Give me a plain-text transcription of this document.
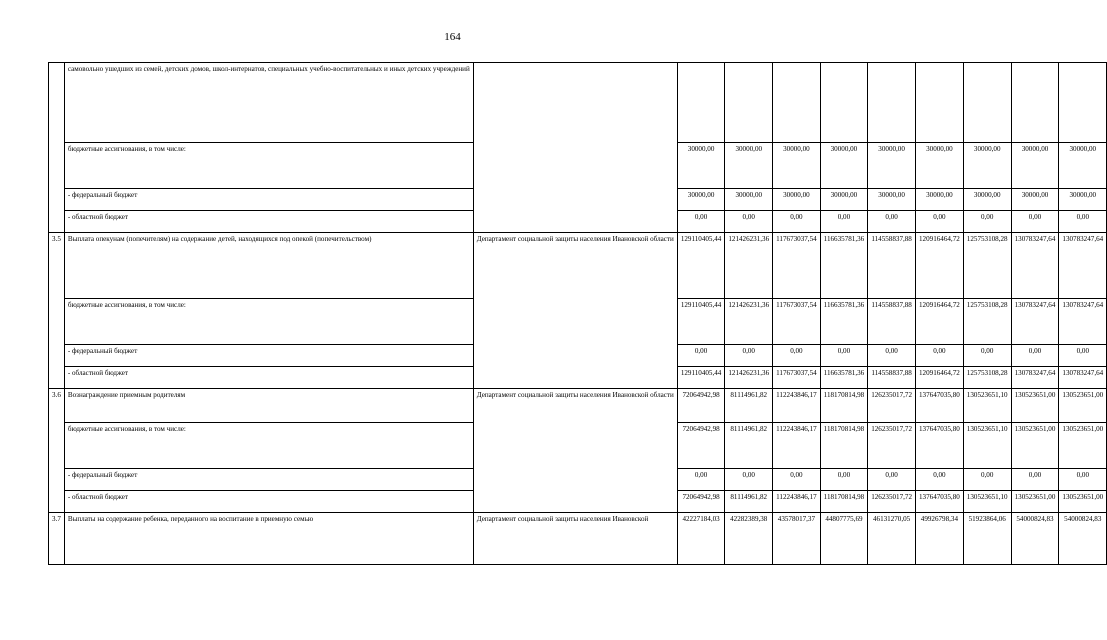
164
	самовольно ушедших из семей, детских домов, школ-интернатов, специальных учебно-воспитательных и иных детских учреждений										
	бюджетные ассигнования, в том числе:		30000,00	30000,00	30000,00	30000,00	30000,00	30000,00	30000,00	30000,00	30000,00
	- федеральный бюджет		30000,00	30000,00	30000,00	30000,00	30000,00	30000,00	30000,00	30000,00	30000,00
	- областной бюджет		0,00	0,00	0,00	0,00	0,00	0,00	0,00	0,00	0,00
3.5	Выплата опекунам (попечителям) на содержание детей, находящихся под опекой (попечительством)	Департамент социальной защиты населения Ивановской области	129110405,44	121426231,36	117673037,54	116635781,36	114558837,88	120916464,72	125753108,28	130783247,64	130783247,64
	бюджетные ассигнования, в том числе:		129110405,44	121426231,36	117673037,54	116635781,36	114558837,88	120916464,72	125753108,28	130783247,64	130783247,64
	- федеральный бюджет		0,00	0,00	0,00	0,00	0,00	0,00	0,00	0,00	0,00
	- областной бюджет		129110405,44	121426231,36	117673037,54	116635781,36	114558837,88	120916464,72	125753108,28	130783247,64	130783247,64
3.6	Вознаграждение приемным родителям	Департамент социальной защиты населения Ивановской области	72064942,98	81114961,82	112243846,17	118170814,98	126235017,72	137647035,80	130523651,10	130523651,00	130523651,00
	бюджетные ассигнования, в том числе:		72064942,98	81114961,82	112243846,17	118170814,98	126235017,72	137647035,80	130523651,10	130523651,00	130523651,00
	- федеральный бюджет		0,00	0,00	0,00	0,00	0,00	0,00	0,00	0,00	0,00
	- областной бюджет		72064942,98	81114961,82	112243846,17	118170814,98	126235017,72	137647035,80	130523651,10	130523651,00	130523651,00
3.7	Выплаты на содержание ребенка, переданного на воспитание в приемную семью	Департамент социальной защиты населения Ивановской	42227184,03	42282389,38	43578017,37	44807775,69	46131270,05	49926798,34	51923864,06	54000824,83	54000824,83
